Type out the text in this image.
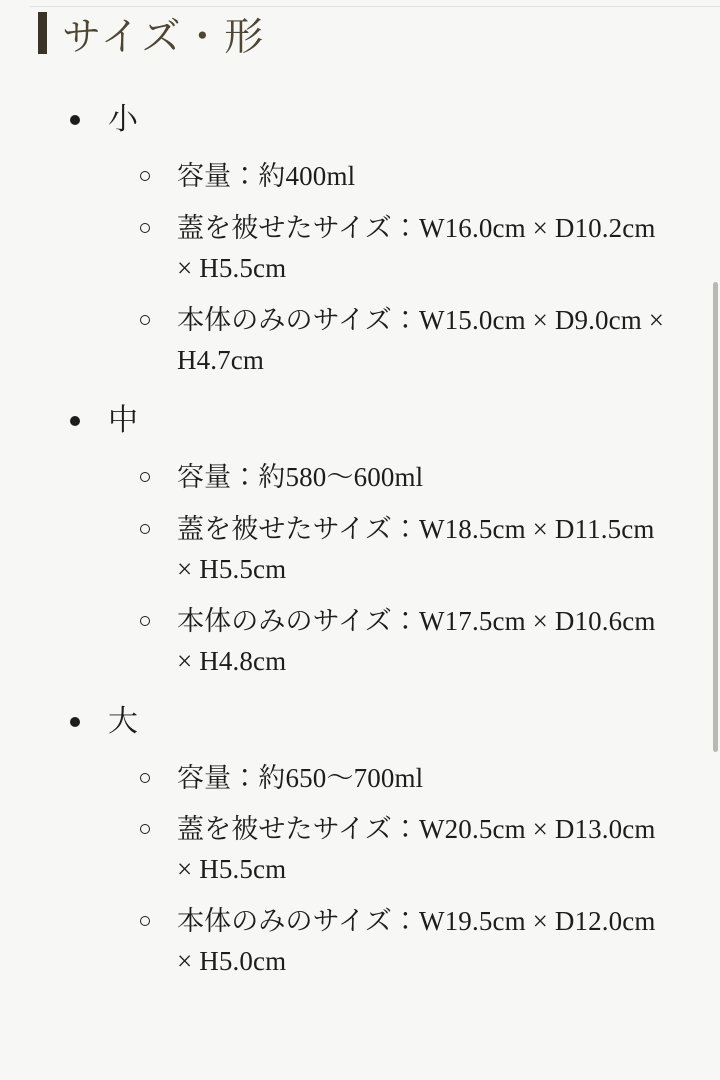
サイズ・形
小
容量：約400ml
蓋を被せたサイズ：W16.0cm × D10.2cm × H5.5cm
本体のみのサイズ：W15.0cm × D9.0cm × H4.7cm
中
容量：約580〜600ml
蓋を被せたサイズ：W18.5cm × D11.5cm × H5.5cm
本体のみのサイズ：W17.5cm × D10.6cm × H4.8cm
大
容量：約650〜700ml
蓋を被せたサイズ：W20.5cm × D13.0cm × H5.5cm
本体のみのサイズ：W19.5cm × D12.0cm × H5.0cm
